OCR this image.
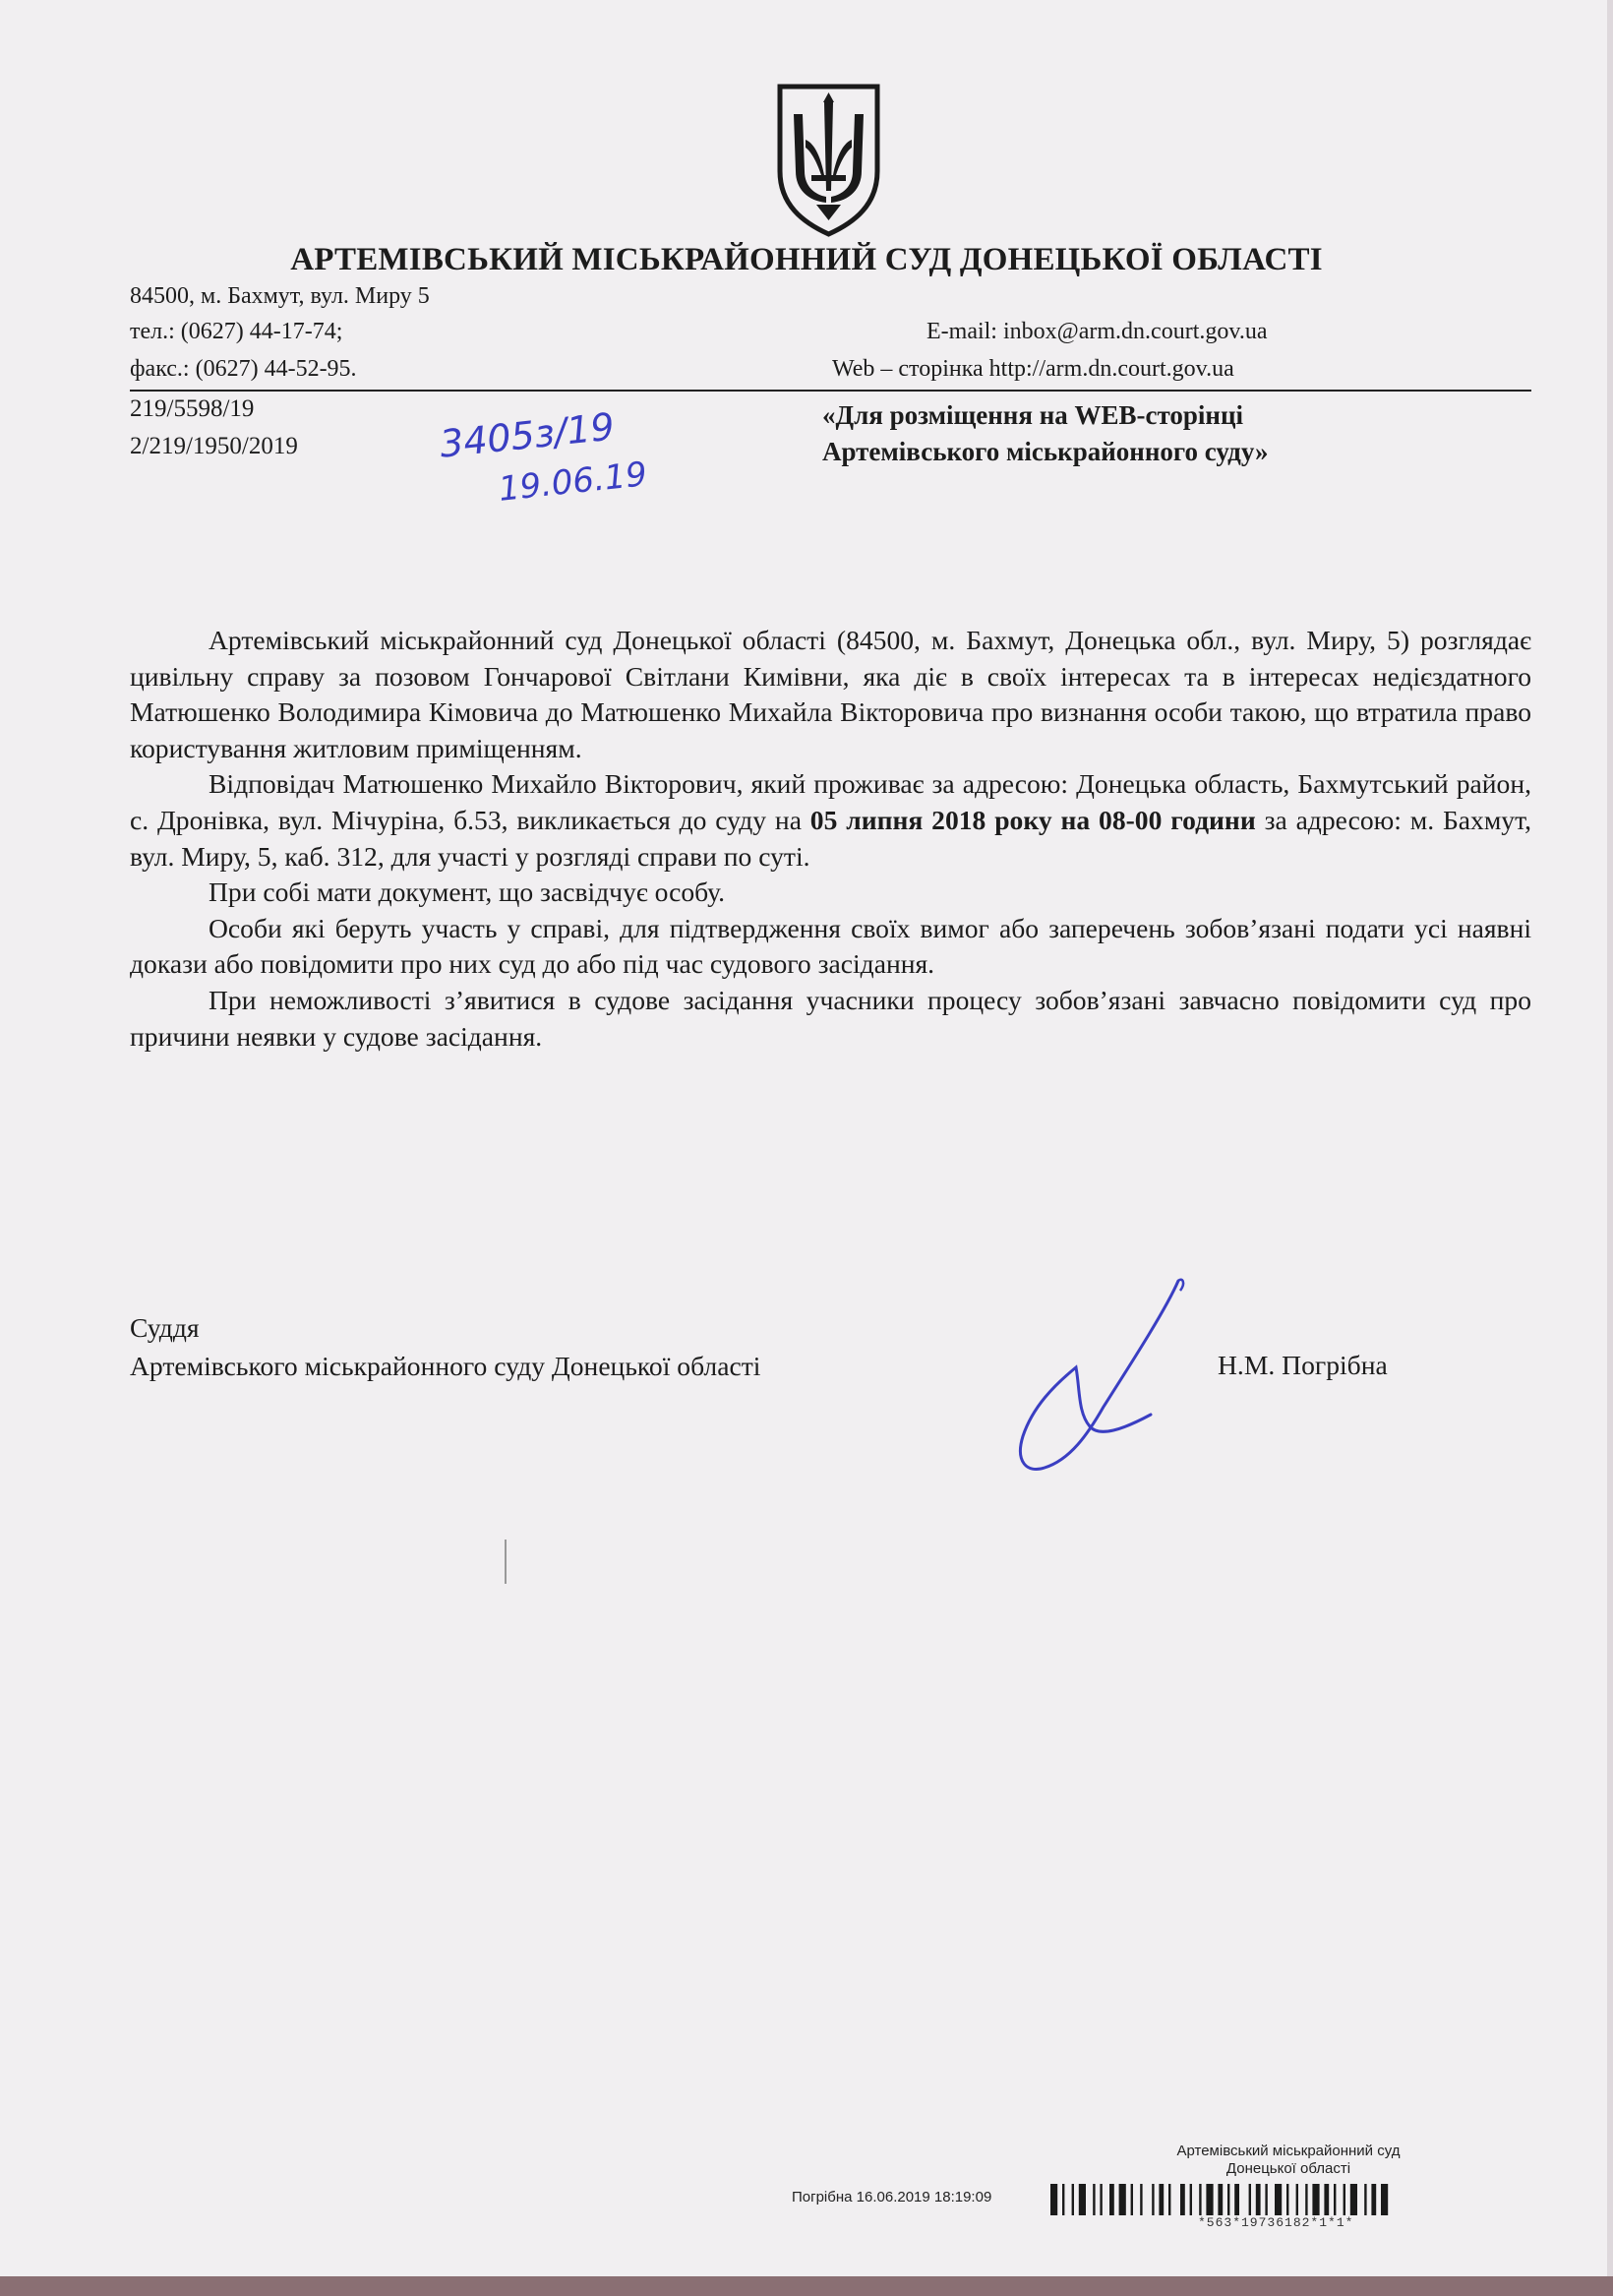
АРТЕМІВСЬКИЙ МІСЬКРАЙОННИЙ СУД ДОНЕЦЬКОЇ ОБЛАСТІ
84500, м. Бахмут, вул. Миру 5
тел.: (0627) 44-17-74;
факс.: (0627) 44-52-95.
E-mail: inbox@arm.dn.court.gov.ua
Web – сторінка http://arm.dn.court.gov.ua
219/5598/19
2/219/1950/2019	3405з/19
19.06.19
«Для розміщення на WEB-сторінці
Артемівського міськрайонного суду»

Артемівський міськрайонний суд Донецької області (84500, м. Бахмут, Донецька обл., вул. Миру, 5) розглядає цивільну справу за позовом Гончарової Світлани Кимівни, яка діє в своїх інтересах та в інтересах недієздатного Матюшенко Володимира Кімовича до Матюшенко Михайла Вікторовича про визнання особи такою, що втратила право користування житловим приміщенням.

Відповідач Матюшенко Михайло Вікторович, який проживає за адресою: Донецька область, Бахмутський район, с. Дронівка, вул. Мічуріна, б.53, викликається до суду на 05 липня 2018 року на 08-00 години за адресою: м. Бахмут, вул. Миру, 5, каб. 312, для участі у розгляді справи по суті.

При собі мати документ, що засвідчує особу.

Особи які беруть участь у справі, для підтвердження своїх вимог або заперечень зобов’язані подати усі наявні докази або повідомити про них суд до або під час судового засідання.

При неможливості з’явитися в судове засідання учасники процесу зобов’язані завчасно повідомити суд про причини неявки у судове засідання.

Суддя
Артемівського міськрайонного суду Донецької області	Н.М. Погрібна
Артемівський міськрайонний суд
Донецької області
Погрібна 16.06.2019 18:19:09
*563*19736182*1*1*
